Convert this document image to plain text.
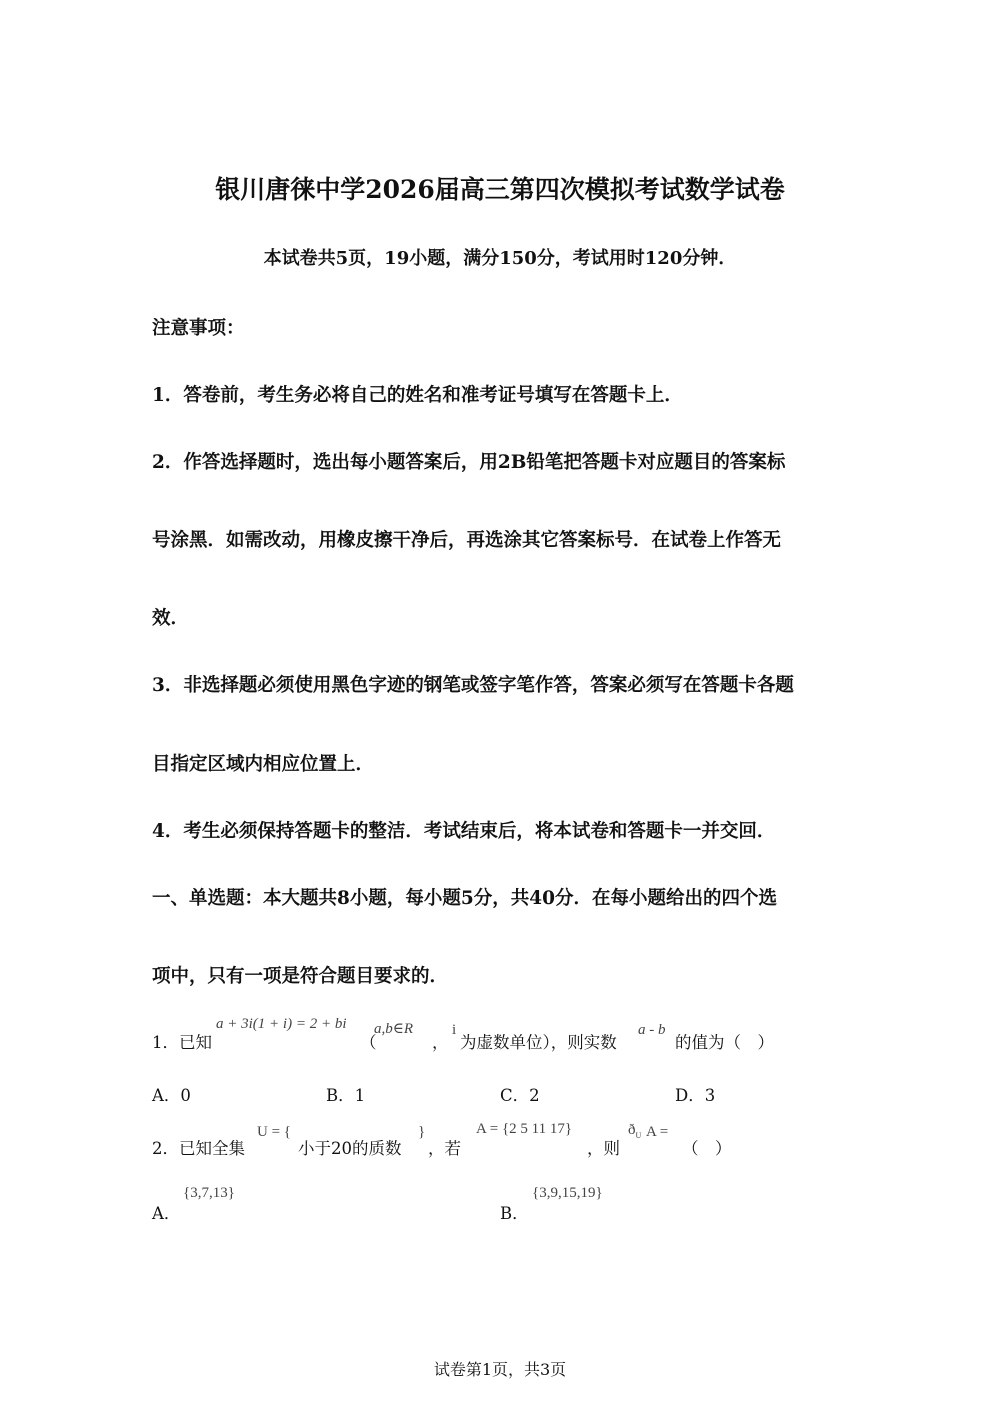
银川唐徕中学2026届高三第四次模拟考试数学试卷
本试卷共5页，19小题，满分150分，考试用时120分钟．
注意事项：
1．答卷前，考生务必将自己的姓名和准考证号填写在答题卡上．
2．作答选择题时，选出每小题答案后，用2B铅笔把答题卡对应题目的答案标
号涂黑．如需改动，用橡皮擦干净后，再选涂其它答案标号．在试卷上作答无
效．
3．非选择题必须使用黑色字迹的钢笔或签字笔作答，答案必须写在答题卡各题
目指定区域内相应位置上．
4．考生必须保持答题卡的整洁．考试结束后，将本试卷和答题卡一并交回．
一、单选题：本大题共8小题，每小题5分，共40分．在每小题给出的四个选
项中，只有一项是符合题目要求的．
1．已知
a + 3i(1 + i) = 2 + bi
（
a,b∈R
，
i
为虚数单位），则实数
a - b
的值为（　）
A．0	B．1	C．2	D．3
2．已知全集
U = {
小于20的质数
}
，若
A = {2 5 11 17}
，则
$ð_U$ A =
（　）
A．
{3,7,13}
B．
{3,9,15,19}
试卷第1页，共3页
